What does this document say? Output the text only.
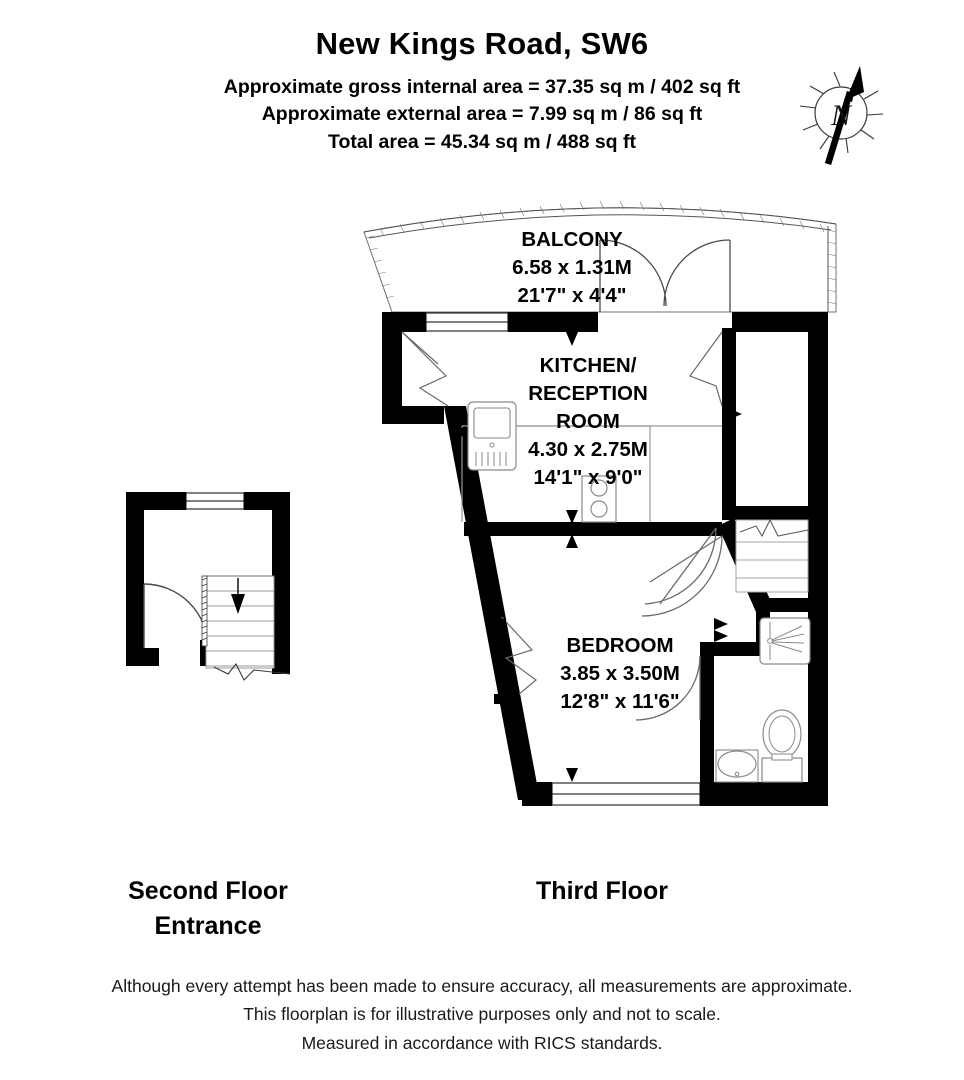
New Kings Road, SW6
Approximate gross internal area = 37.35 sq m / 402 sq ft
Approximate external area = 7.99 sq m / 86 sq ft
Total area = 45.34 sq m / 488 sq ft
N
BALCONY
6.58 x 1.31M
21'7" x 4'4"
KITCHEN/
RECEPTION
ROOM
4.30 x 2.75M
14'1" x 9'0"
BEDROOM
3.85 x 3.50M
12'8" x 11'6"
Second Floor
Entrance
Third Floor
Although every attempt has been made to ensure accuracy, all measurements are approximate.
This floorplan is for illustrative purposes only and not to scale.
Measured in accordance with RICS standards.
